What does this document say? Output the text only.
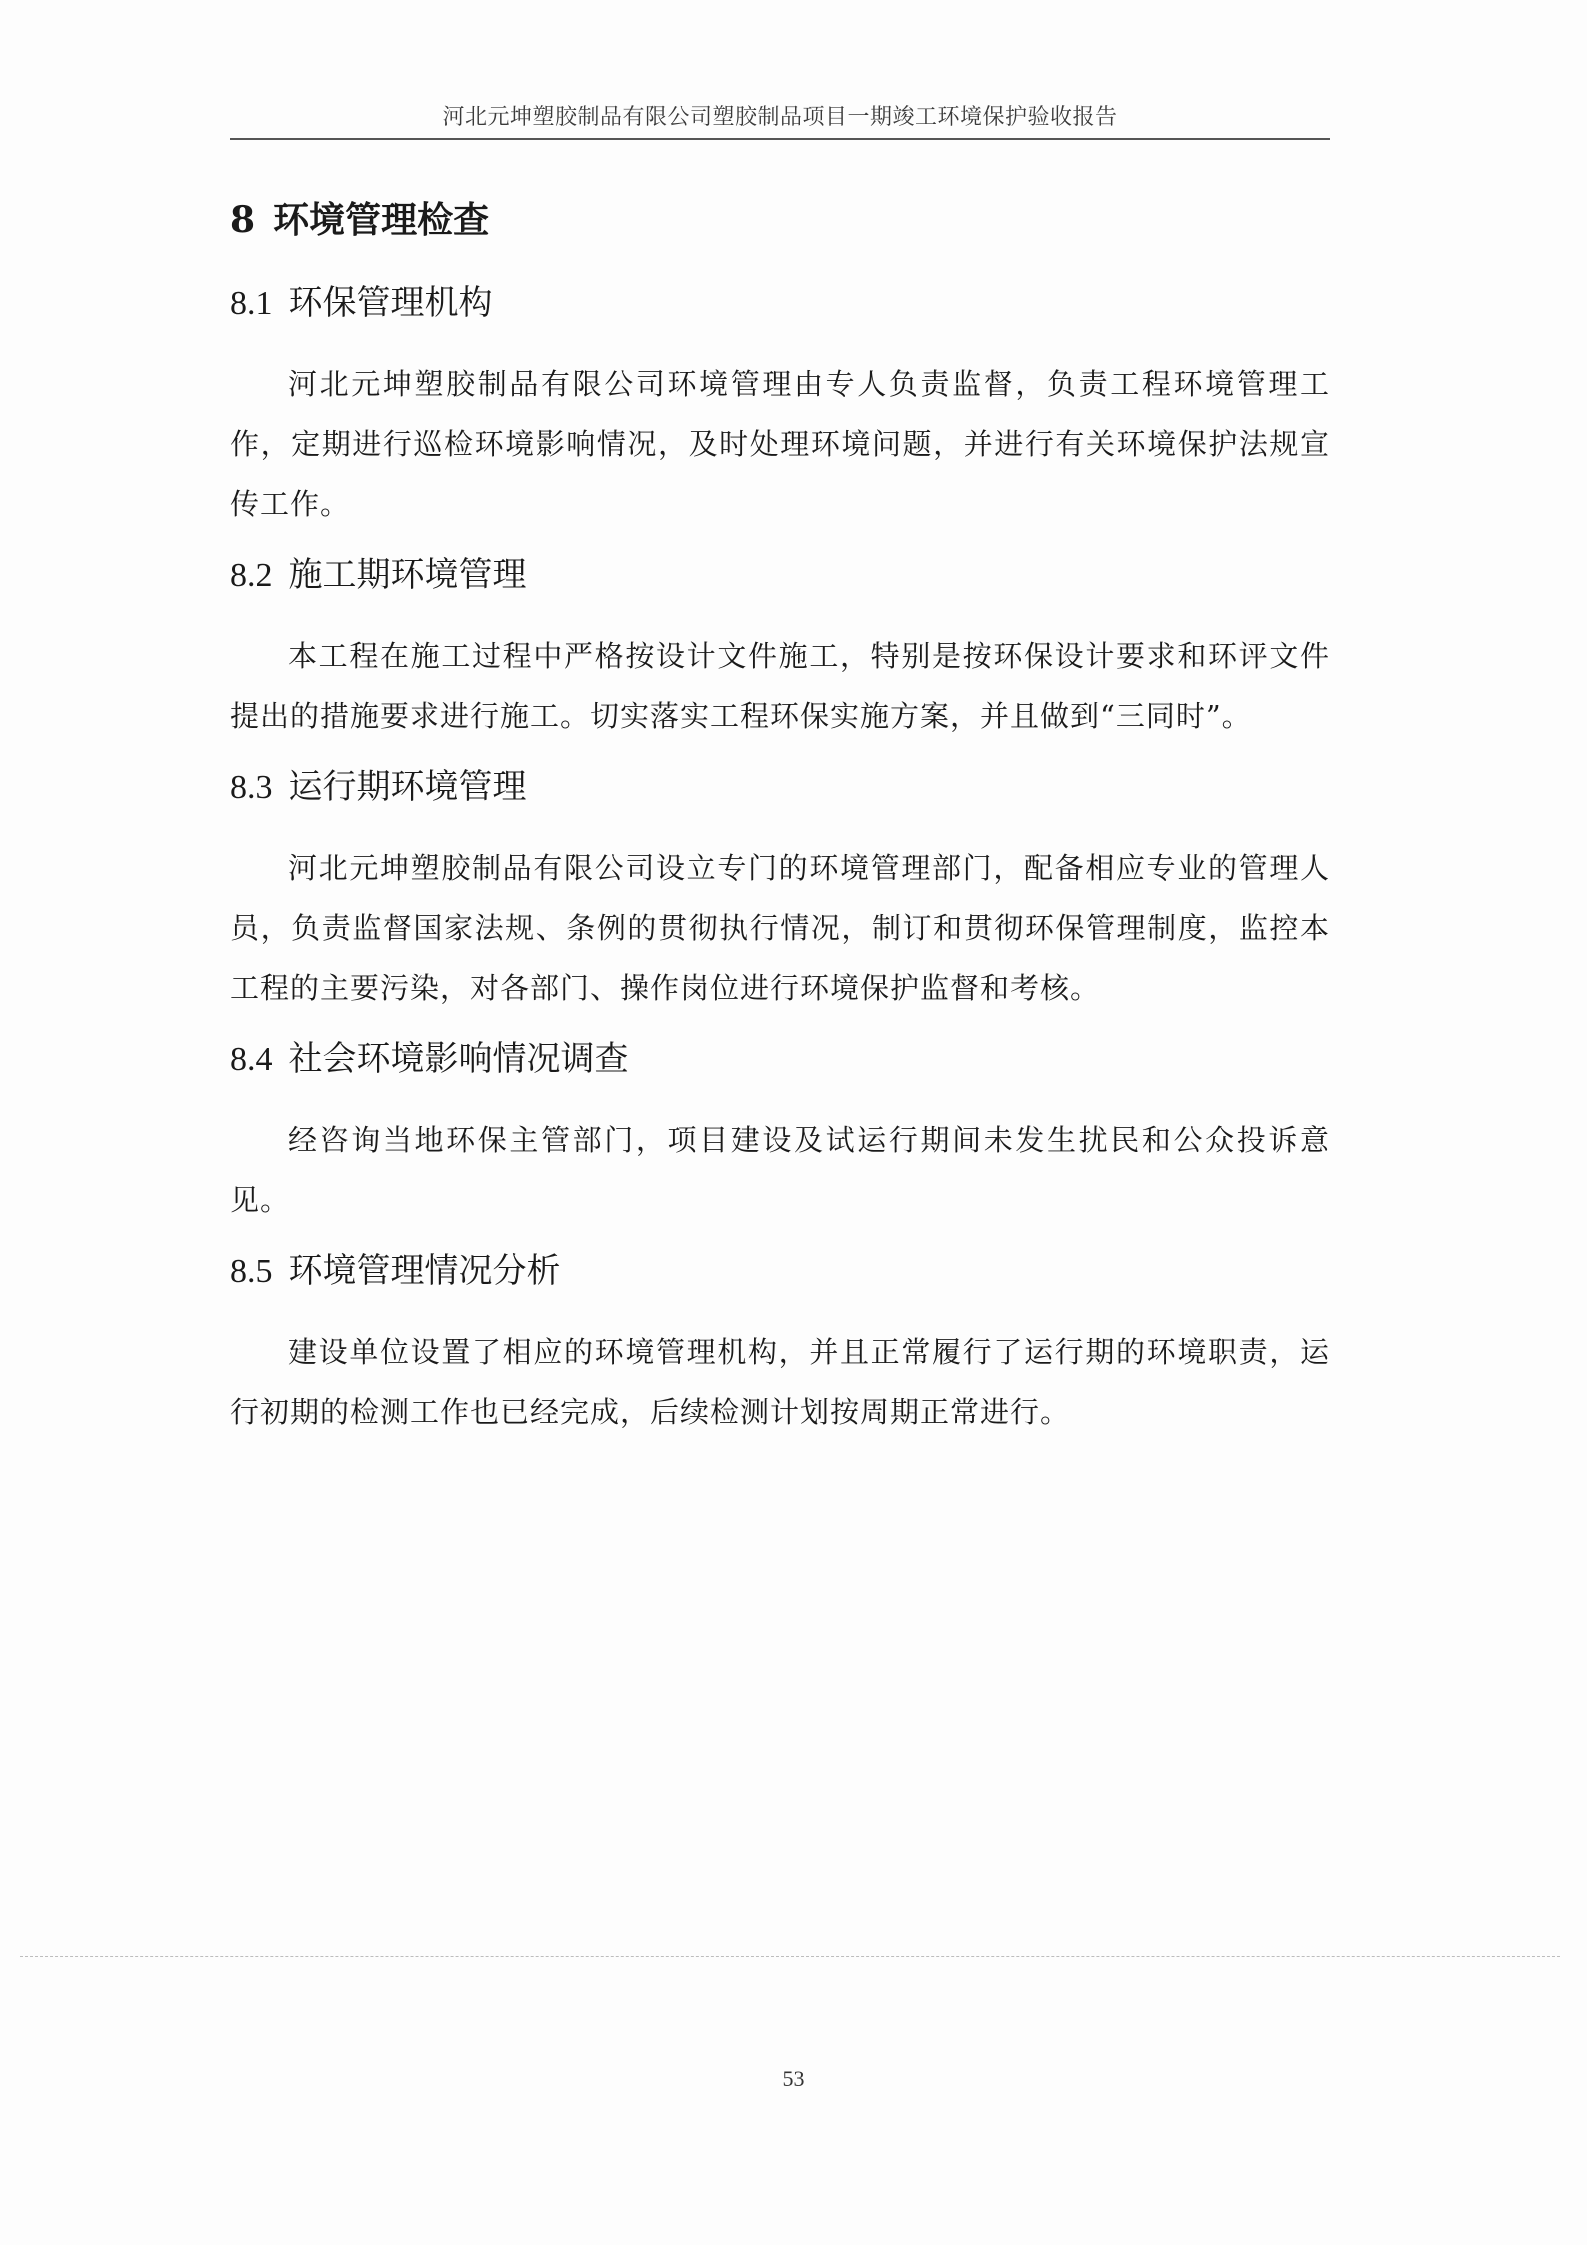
河北元坤塑胶制品有限公司塑胶制品项目一期竣工环境保护验收报告
8 环境管理检查
8.1 环保管理机构

河北元坤塑胶制品有限公司环境管理由专人负责监督，负责工程环境管理工作，定期进行巡检环境影响情况，及时处理环境问题，并进行有关环境保护法规宣传工作。

8.2 施工期环境管理

本工程在施工过程中严格按设计文件施工，特别是按环保设计要求和环评文件提出的措施要求进行施工。切实落实工程环保实施方案，并且做到“三同时”。

8.3 运行期环境管理

河北元坤塑胶制品有限公司设立专门的环境管理部门，配备相应专业的管理人员，负责监督国家法规、条例的贯彻执行情况，制订和贯彻环保管理制度，监控本工程的主要污染，对各部门、操作岗位进行环境保护监督和考核。

8.4 社会环境影响情况调查

经咨询当地环保主管部门，项目建设及试运行期间未发生扰民和公众投诉意见。

8.5 环境管理情况分析

建设单位设置了相应的环境管理机构，并且正常履行了运行期的环境职责，运行初期的检测工作也已经完成，后续检测计划按周期正常进行。

53
